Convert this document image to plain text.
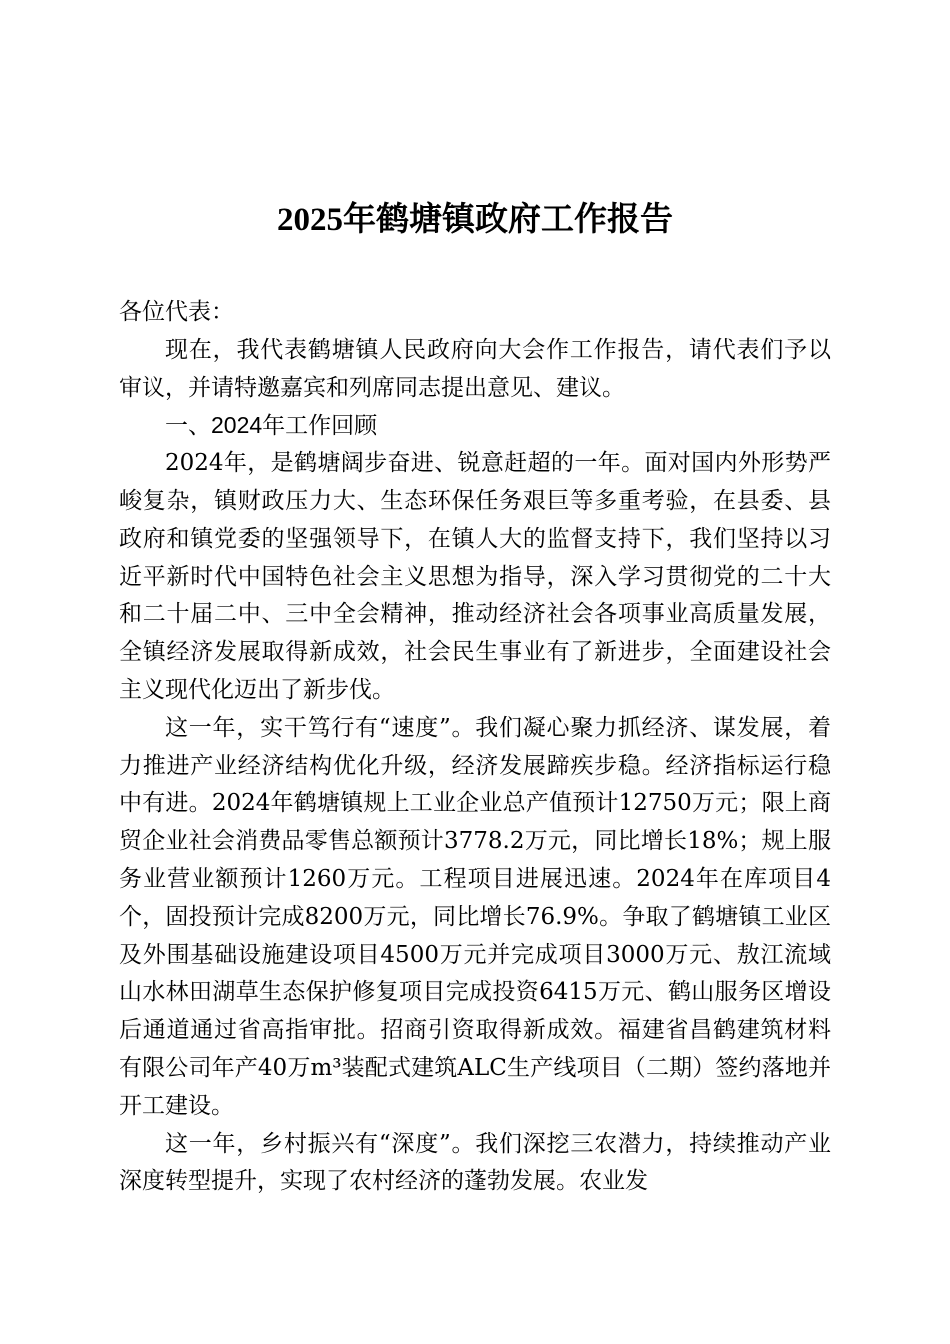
2025年鹤塘镇政府工作报告

各位代表：

现在，我代表鹤塘镇人民政府向大会作工作报告，请代表们予以审议，并请特邀嘉宾和列席同志提出意见、建议。

一、2024年工作回顾

2024年，是鹤塘阔步奋进、锐意赶超的一年。面对国内外形势严峻复杂，镇财政压力大、生态环保任务艰巨等多重考验，在县委、县政府和镇党委的坚强领导下，在镇人大的监督支持下，我们坚持以习近平新时代中国特色社会主义思想为指导，深入学习贯彻党的二十大和二十届二中、三中全会精神，推动经济社会各项事业高质量发展，全镇经济发展取得新成效，社会民生事业有了新进步，全面建设社会主义现代化迈出了新步伐。

这一年，实干笃行有“速度”。我们凝心聚力抓经济、谋发展，着力推进产业经济结构优化升级，经济发展蹄疾步稳。经济指标运行稳中有进。2024年鹤塘镇规上工业企业总产值预计12750万元；限上商贸企业社会消费品零售总额预计3778.2万元，同比增长18%；规上服务业营业额预计1260万元。工程项目进展迅速。2024年在库项目4个，固投预计完成8200万元，同比增长76.9%。争取了鹤塘镇工业区及外围基础设施建设项目4500万元并完成项目3000万元、敖江流域山水林田湖草生态保护修复项目完成投资6415万元、鹤山服务区增设后通道通过省高指审批。招商引资取得新成效。福建省昌鹤建筑材料有限公司年产40万m³装配式建筑ALC生产线项目（二期）签约落地并开工建设。

这一年，乡村振兴有“深度”。我们深挖三农潜力，持续推动产业深度转型提升，实现了农村经济的蓬勃发展。农业发
